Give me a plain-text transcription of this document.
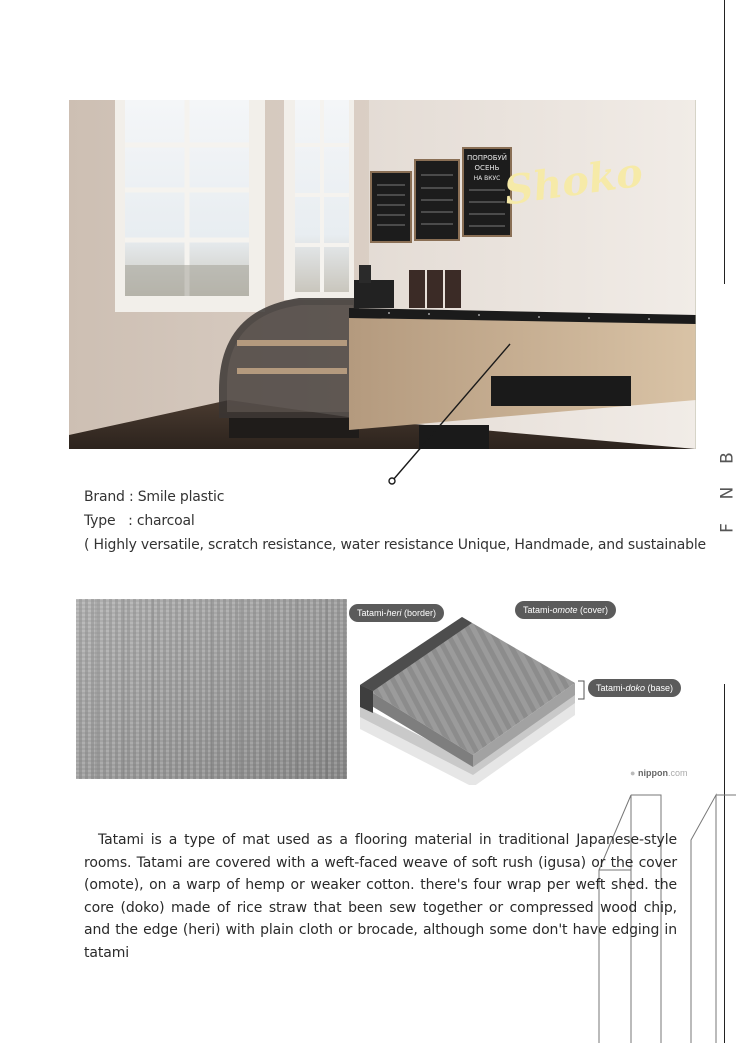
ПОПРОБУЙ
ОСЕНЬ
НА ВКУС Shoko
Brand : Smile plastic
Type   : charcoal
( Highly versatile, scratch resistance, water resistance Unique, Handmade, and sustainable
B
N
F
Tatami-heri (border)	Tatami-omote (cover)
Tatami-doko (base)
● nippon.com
Tatami is a type of mat used as a flooring material in traditional Japanese-style rooms. Tatami are covered with a weft-faced weave of soft rush (igusa) or the cover (omote), on a warp of hemp or weaker cotton. there's four wrap per weft shed. the core (doko) made of rice straw that been sew together or compressed wood chip, and the edge (heri) with plain cloth or brocade, although some don't have edging in tatami
